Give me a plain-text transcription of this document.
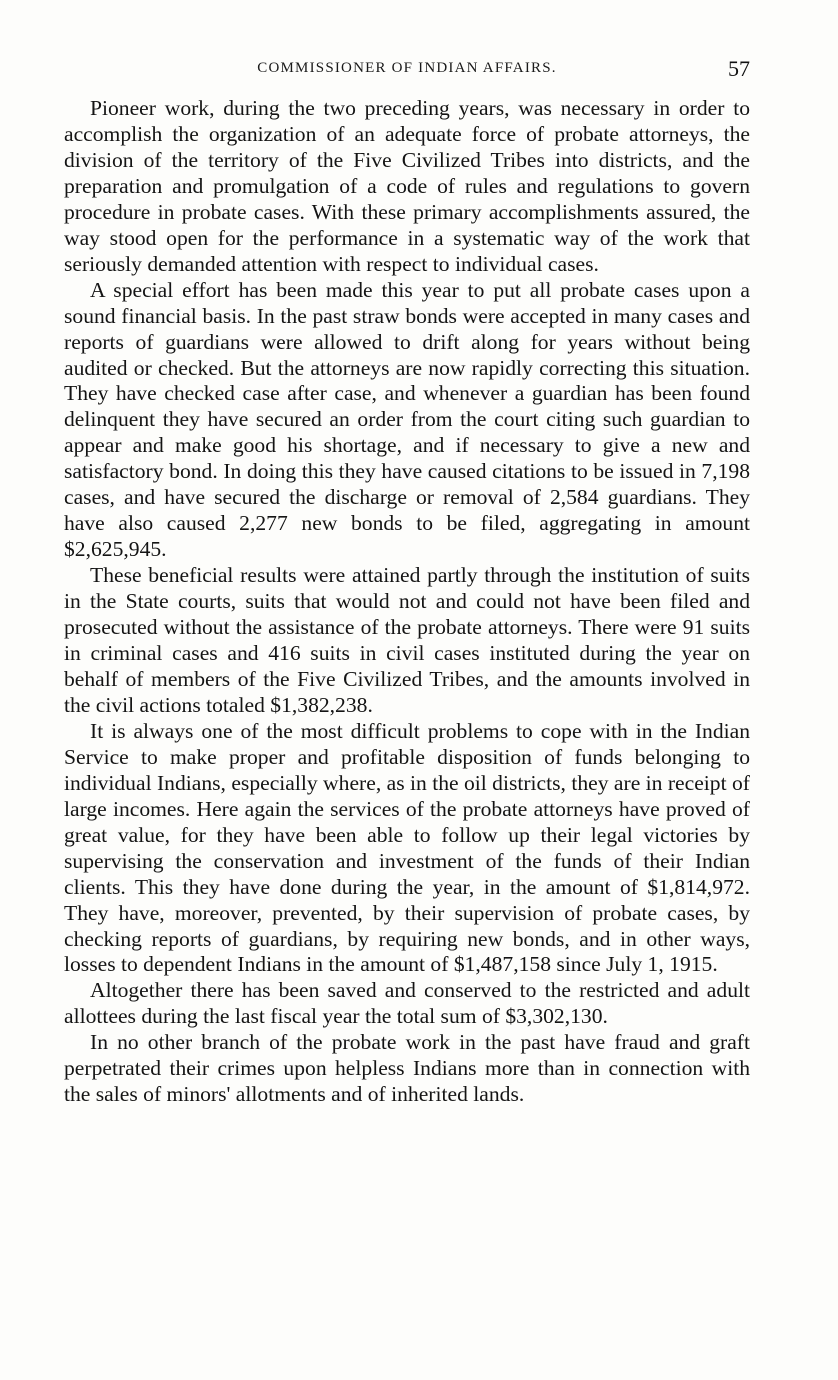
COMMISSIONER OF INDIAN AFFAIRS.	57

Pioneer work, during the two preceding years, was necessary in order to accomplish the organization of an adequate force of probate attorneys, the division of the territory of the Five Civilized Tribes into districts, and the preparation and promulgation of a code of rules and regulations to govern procedure in probate cases. With these primary accomplishments assured, the way stood open for the performance in a systematic way of the work that seriously demanded attention with respect to individual cases.

A special effort has been made this year to put all probate cases upon a sound financial basis. In the past straw bonds were accepted in many cases and reports of guardians were allowed to drift along for years without being audited or checked. But the attorneys are now rapidly correcting this situation. They have checked case after case, and whenever a guardian has been found delinquent they have secured an order from the court citing such guardian to appear and make good his shortage, and if necessary to give a new and satisfactory bond. In doing this they have caused citations to be issued in 7,198 cases, and have secured the discharge or removal of 2,584 guardians. They have also caused 2,277 new bonds to be filed, aggregating in amount $2,625,945.

These beneficial results were attained partly through the institution of suits in the State courts, suits that would not and could not have been filed and prosecuted without the assistance of the probate attorneys. There were 91 suits in criminal cases and 416 suits in civil cases instituted during the year on behalf of members of the Five Civilized Tribes, and the amounts involved in the civil actions totaled $1,382,238.

It is always one of the most difficult problems to cope with in the Indian Service to make proper and profitable disposition of funds belonging to individual Indians, especially where, as in the oil districts, they are in receipt of large incomes. Here again the services of the probate attorneys have proved of great value, for they have been able to follow up their legal victories by supervising the conservation and investment of the funds of their Indian clients. This they have done during the year, in the amount of $1,814,972. They have, moreover, prevented, by their supervision of probate cases, by checking reports of guardians, by requiring new bonds, and in other ways, losses to dependent Indians in the amount of $1,487,158 since July 1, 1915.

Altogether there has been saved and conserved to the restricted and adult allottees during the last fiscal year the total sum of $3,302,130.

In no other branch of the probate work in the past have fraud and graft perpetrated their crimes upon helpless Indians more than in connection with the sales of minors' allotments and of inherited lands.
